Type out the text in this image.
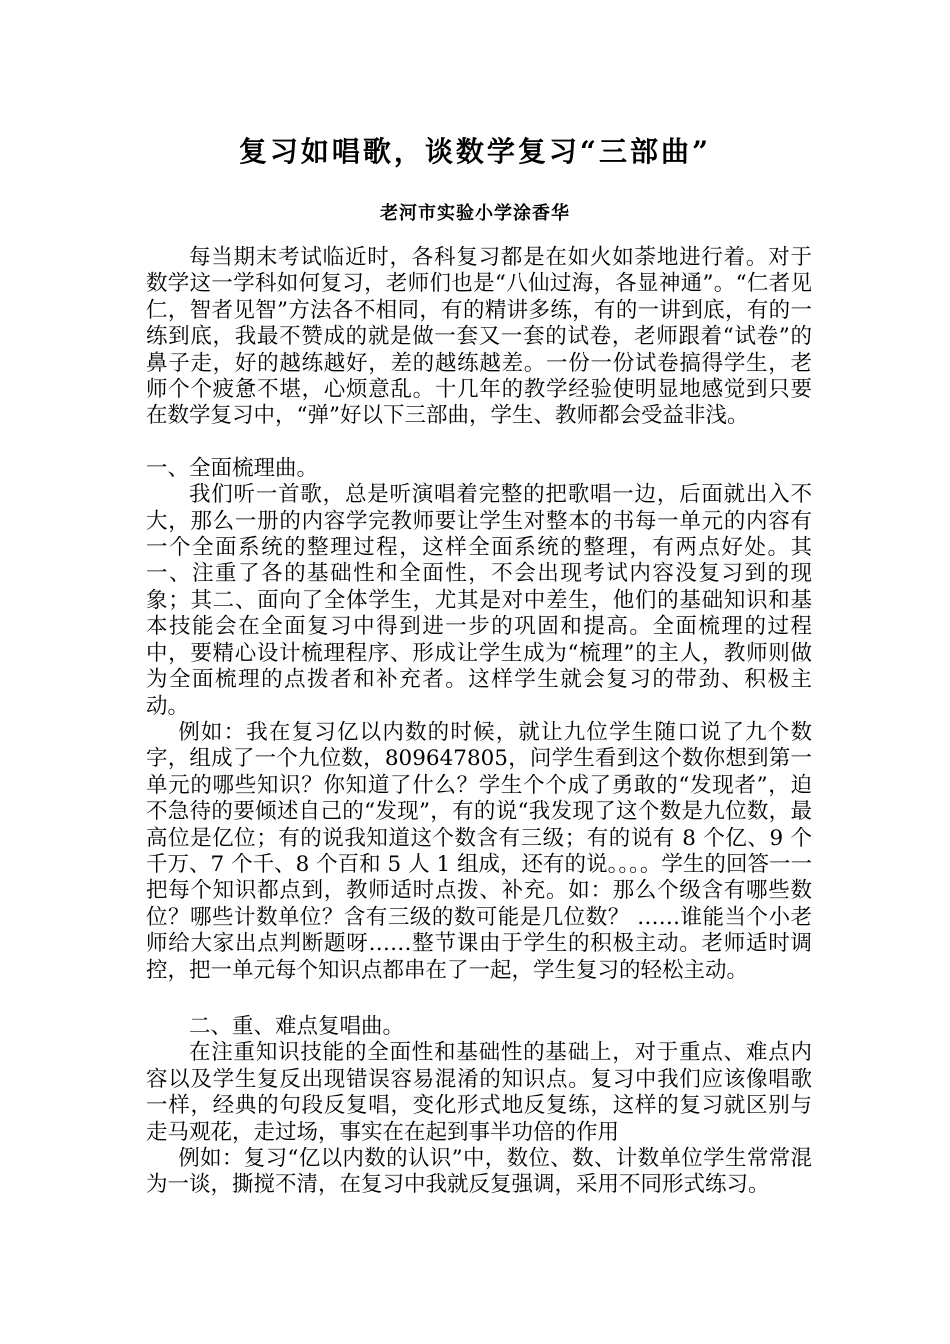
复习如唱歌，谈数学复习“三部曲”
老河市实验小学涂香华

每当期末考试临近时，各科复习都是在如火如荼地进行着。对于数学这一学科如何复习，老师们也是“八仙过海，各显神通”。“仁者见仁，智者见智”方法各不相同，有的精讲多练，有的一讲到底，有的一练到底，我最不赞成的就是做一套又一套的试卷，老师跟着“试卷”的鼻子走，好的越练越好，差的越练越差。一份一份试卷搞得学生，老师个个疲惫不堪，心烦意乱。十几年的教学经验使明显地感觉到只要在数学复习中，“弹”好以下三部曲，学生、教师都会受益非浅。

一、全面梳理曲。

我们听一首歌，总是听演唱着完整的把歌唱一边，后面就出入不大，那么一册的内容学完教师要让学生对整本的书每一单元的内容有一个全面系统的整理过程，这样全面系统的整理，有两点好处。其一、注重了各的基础性和全面性，不会出现考试内容没复习到的现象；其二、面向了全体学生，尤其是对中差生，他们的基础知识和基本技能会在全面复习中得到进一步的巩固和提高。全面梳理的过程中，要精心设计梳理程序、形成让学生成为“梳理”的主人，教师则做为全面梳理的点拨者和补充者。这样学生就会复习的带劲、积极主动。

例如：我在复习亿以内数的时候，就让九位学生随口说了九个数字，组成了一个九位数，809647805，问学生看到这个数你想到第一单元的哪些知识？你知道了什么？学生个个成了勇敢的“发现者”，迫不急待的要倾述自己的“发现”，有的说“我发现了这个数是九位数，最高位是亿位；有的说我知道这个数含有三级；有的说有 8 个亿、9 个千万、7 个千、8 个百和 5 人 1 组成，还有的说。。。。学生的回答一一把每个知识都点到，教师适时点拨、补充。如：那么个级含有哪些数位？哪些计数单位？含有三级的数可能是几位数？ ……谁能当个小老师给大家出点判断题呀……整节课由于学生的积极主动。老师适时调控，把一单元每个知识点都串在了一起，学生复习的轻松主动。

二、重、难点复唱曲。

在注重知识技能的全面性和基础性的基础上，对于重点、难点内容以及学生复反出现错误容易混淆的知识点。复习中我们应该像唱歌一样，经典的句段反复唱，变化形式地反复练，这样的复习就区别与走马观花，走过场，事实在在起到事半功倍的作用

例如：复习“亿以内数的认识”中，数位、数、计数单位学生常常混为一谈，撕搅不清，在复习中我就反复强调，采用不同形式练习。
